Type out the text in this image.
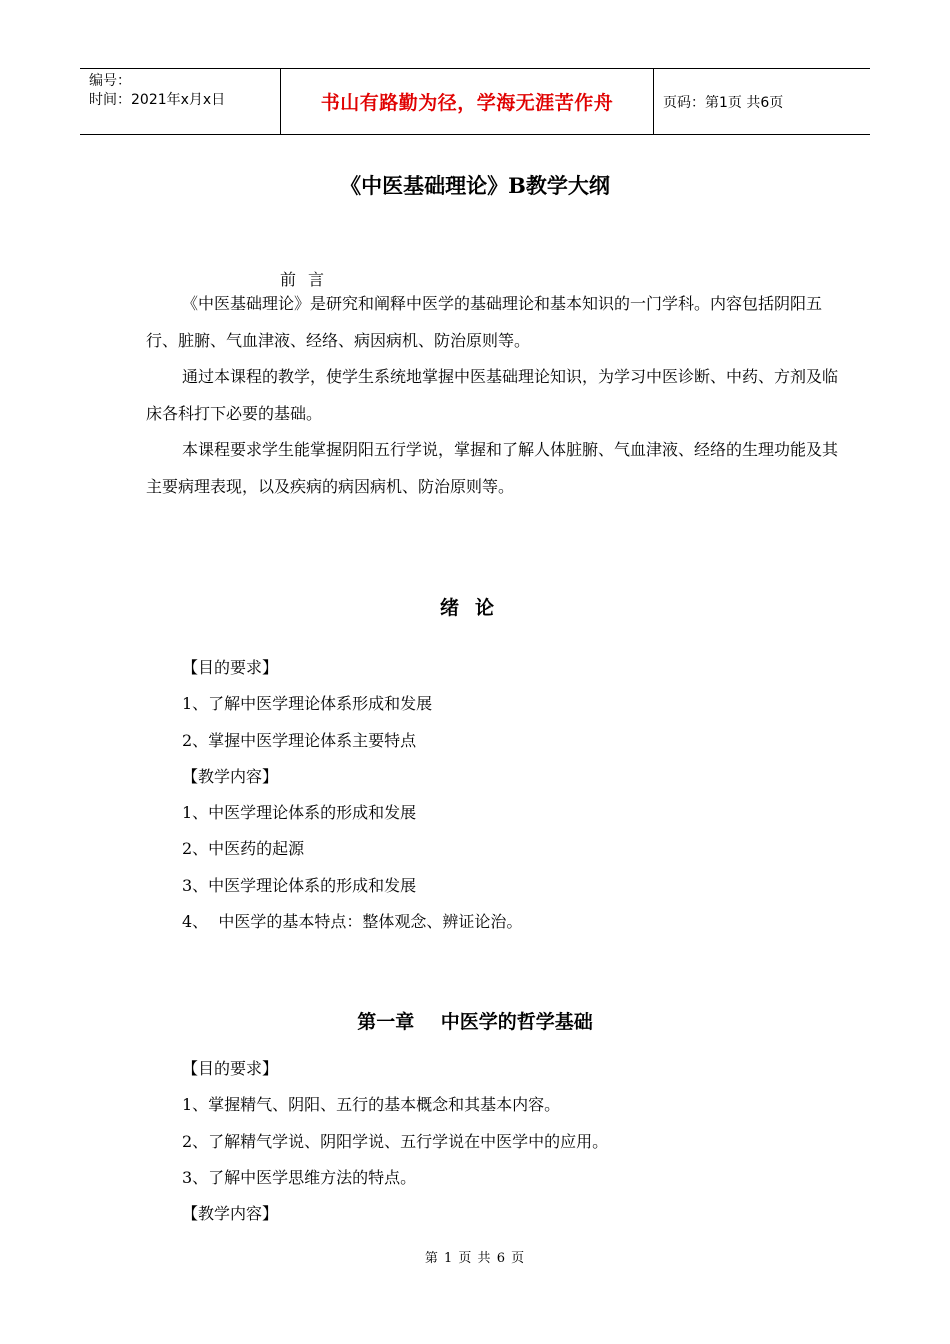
编号：
时间：2021年x月x日	书山有路勤为径，学海无涯苦作舟	页码：第1页 共6页
《中医基础理论》B教学大纲
前言
《中医基础理论》是研究和阐释中医学的基础理论和基本知识的一门学科。内容包括阴阳五行、脏腑、气血津液、经络、病因病机、防治原则等。
通过本课程的教学，使学生系统地掌握中医基础理论知识，为学习中医诊断、中药、方剂及临床各科打下必要的基础。
本课程要求学生能掌握阴阳五行学说，掌握和了解人体脏腑、气血津液、经络的生理功能及其主要病理表现，以及疾病的病因病机、防治原则等。
绪论
【目的要求】
1、了解中医学理论体系形成和发展
2、掌握中医学理论体系主要特点
【教学内容】
1、中医学理论体系的形成和发展
2、中医药的起源
3、中医学理论体系的形成和发展
4、  中医学的基本特点：整体观念、辨证论治。
第一章    中医学的哲学基础
【目的要求】
1、掌握精气、阴阳、五行的基本概念和其基本内容。
2、了解精气学说、阴阳学说、五行学说在中医学中的应用。
3、了解中医学思维方法的特点。
【教学内容】
第 1 页 共 6 页
